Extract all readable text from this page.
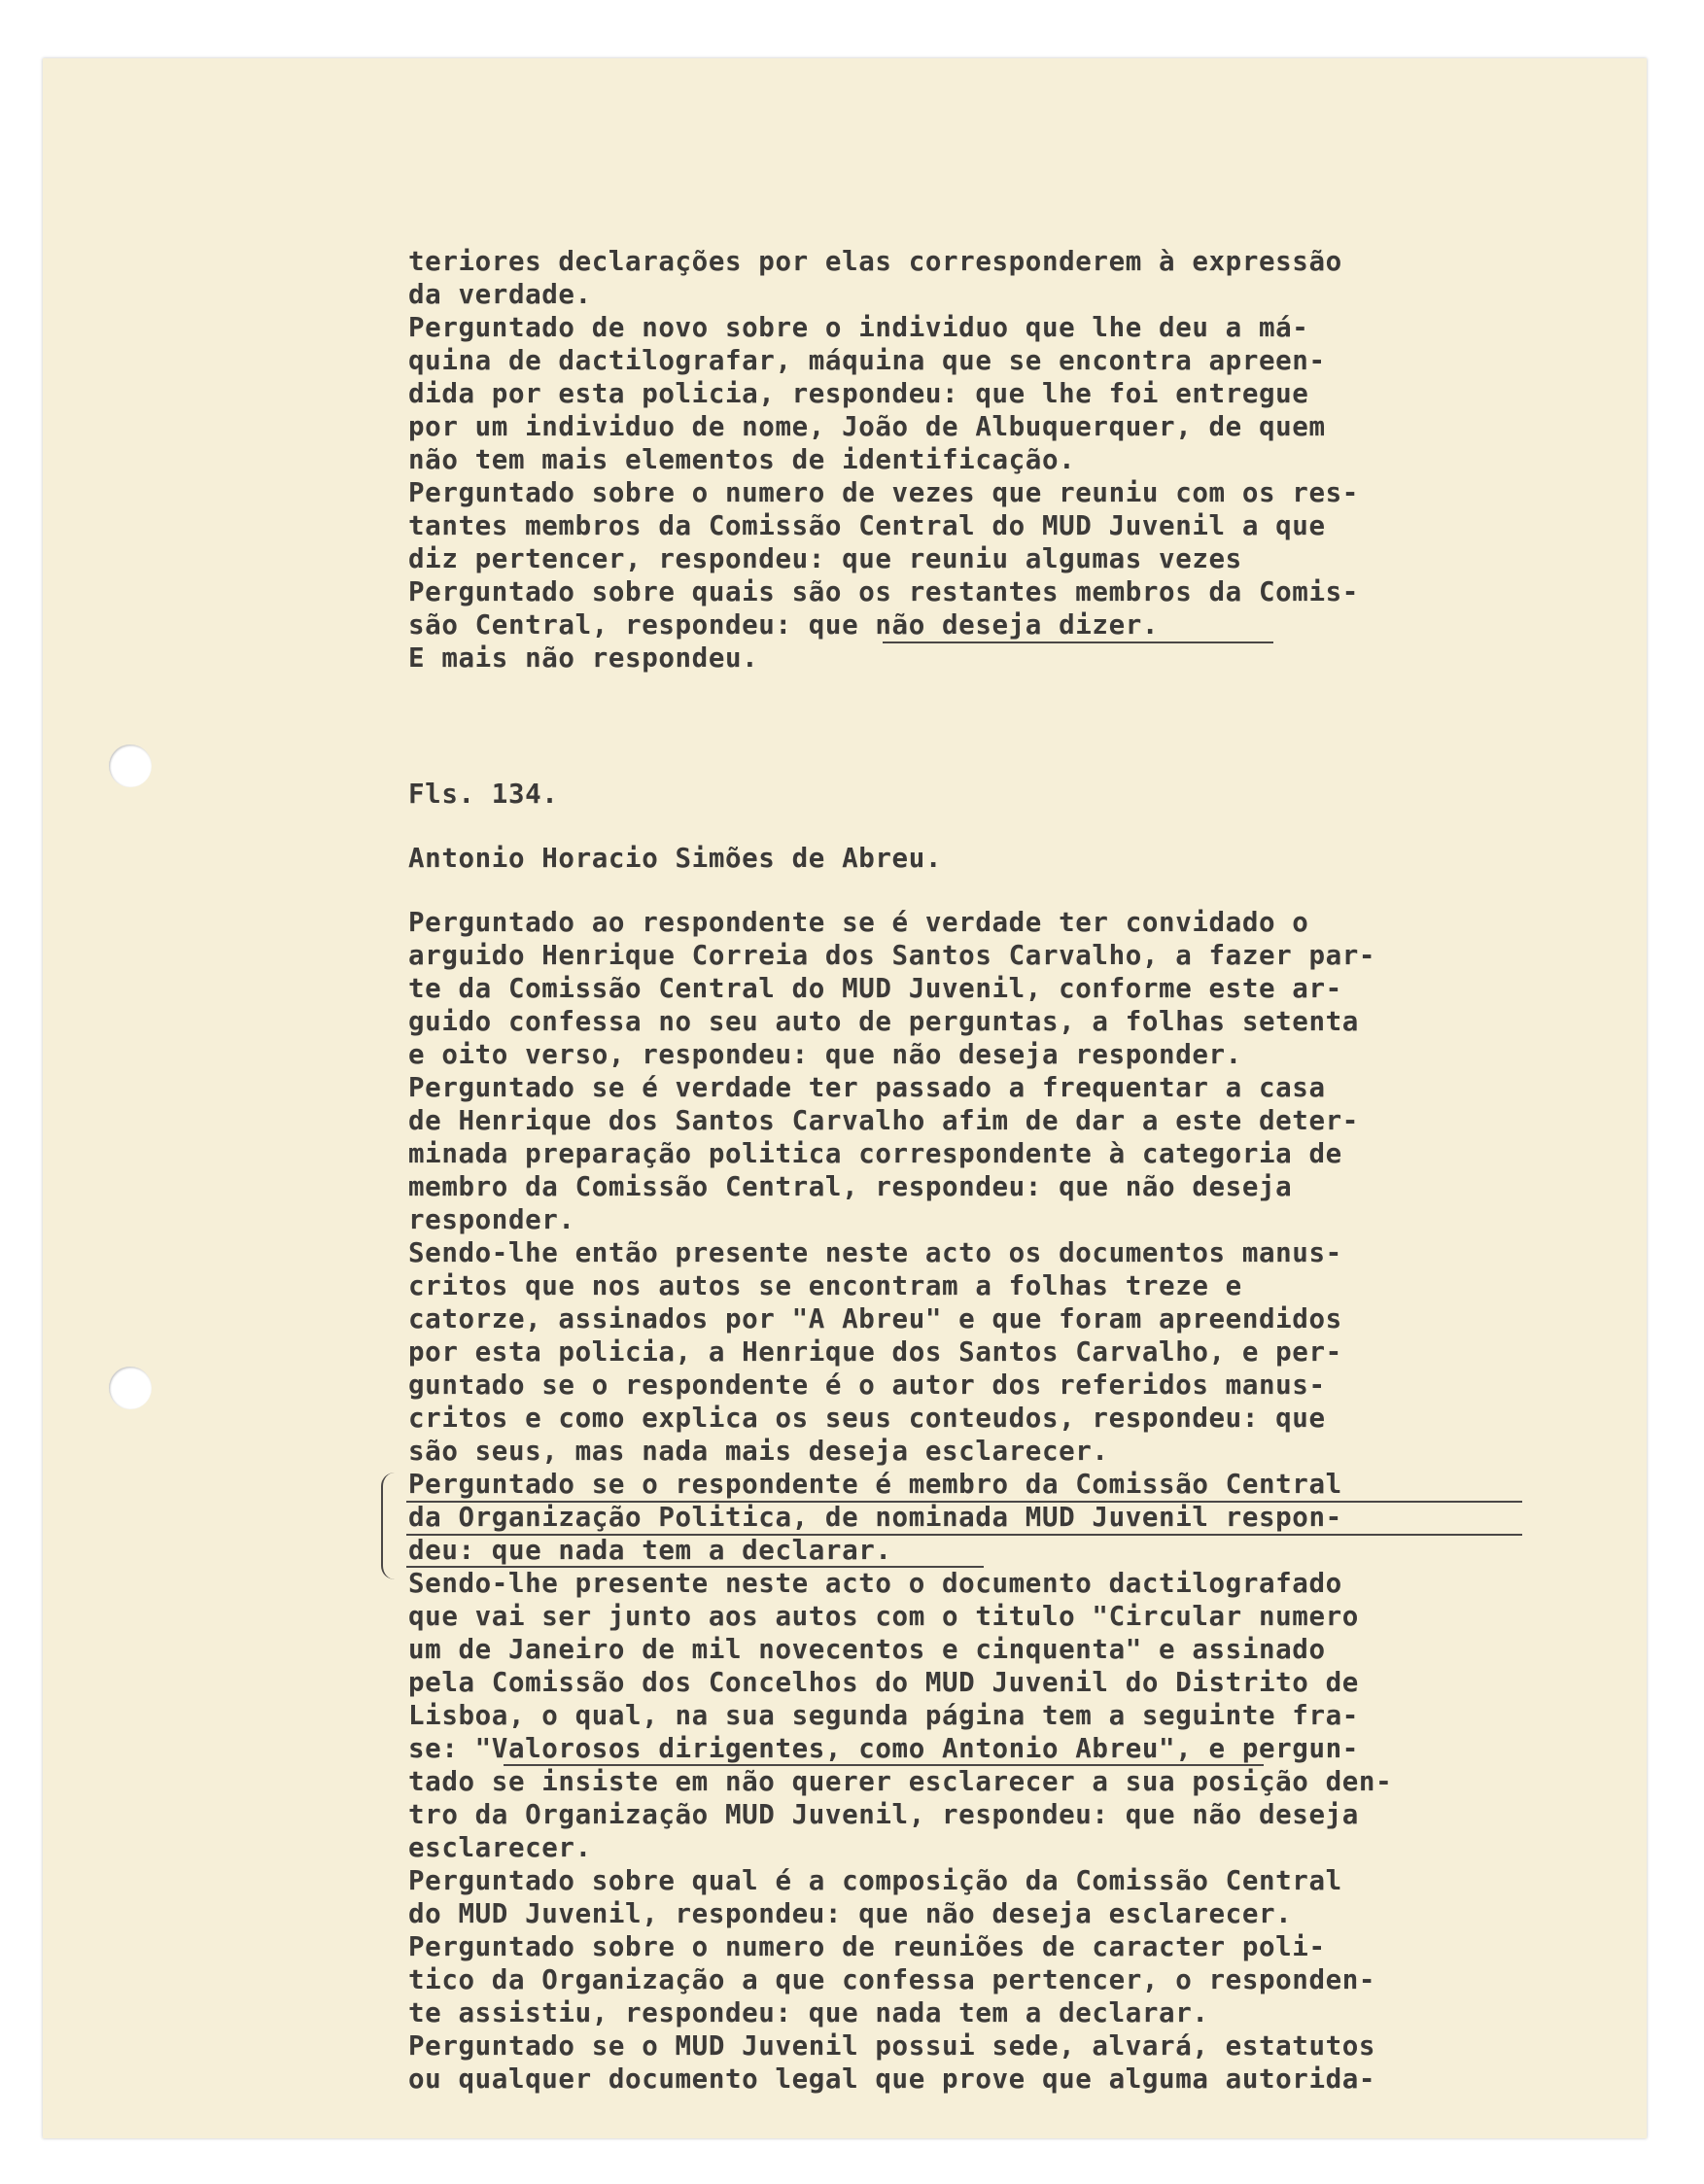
teriores declarações por elas corresponderem à expressão
da verdade.
Perguntado de novo sobre o individuo que lhe deu a má-
quina de dactilografar, máquina que se encontra apreen-
dida por esta policia, respondeu: que lhe foi entregue
por um individuo de nome, João de Albuquerquer, de quem
não tem mais elementos de identificação.
Perguntado sobre o numero de vezes que reuniu com os res-
tantes membros da Comissão Central do MUD Juvenil a que
diz pertencer, respondeu: que reuniu algumas vezes
Perguntado sobre quais são os restantes membros da Comis-
são Central, respondeu: que não deseja dizer.
E mais não respondeu.
Fls. 134.
Antonio Horacio Simões de Abreu.
Perguntado ao respondente se é verdade ter convidado o
arguido Henrique Correia dos Santos Carvalho, a fazer par-
te da Comissão Central do MUD Juvenil, conforme este ar-
guido confessa no seu auto de perguntas, a folhas setenta
e oito verso, respondeu: que não deseja responder.
Perguntado se é verdade ter passado a frequentar a casa
de Henrique dos Santos Carvalho afim de dar a este deter-
minada preparação politica correspondente à categoria de
membro da Comissão Central, respondeu: que não deseja
responder.
Sendo-lhe então presente neste acto os documentos manus-
critos que nos autos se encontram a folhas treze e
catorze, assinados por "A Abreu" e que foram apreendidos
por esta policia, a Henrique dos Santos Carvalho, e per-
guntado se o respondente é o autor dos referidos manus-
critos e como explica os seus conteudos, respondeu: que
são seus, mas nada mais deseja esclarecer.
Perguntado se o respondente é membro da Comissão Central
da Organização Politica, de nominada MUD Juvenil respon-
deu: que nada tem a declarar.
Sendo-lhe presente neste acto o documento dactilografado
que vai ser junto aos autos com o titulo "Circular numero
um de Janeiro de mil novecentos e cinquenta" e assinado
pela Comissão dos Concelhos do MUD Juvenil do Distrito de
Lisboa, o qual, na sua segunda página tem a seguinte fra-
se: "Valorosos dirigentes, como Antonio Abreu", e pergun-
tado se insiste em não querer esclarecer a sua posição den-
tro da Organização MUD Juvenil, respondeu: que não deseja
esclarecer.
Perguntado sobre qual é a composição da Comissão Central
do MUD Juvenil, respondeu: que não deseja esclarecer.
Perguntado sobre o numero de reuniões de caracter poli-
tico da Organização a que confessa pertencer, o responden-
te assistiu, respondeu: que nada tem a declarar.
Perguntado se o MUD Juvenil possui sede, alvará, estatutos
ou qualquer documento legal que prove que alguma autorida-
